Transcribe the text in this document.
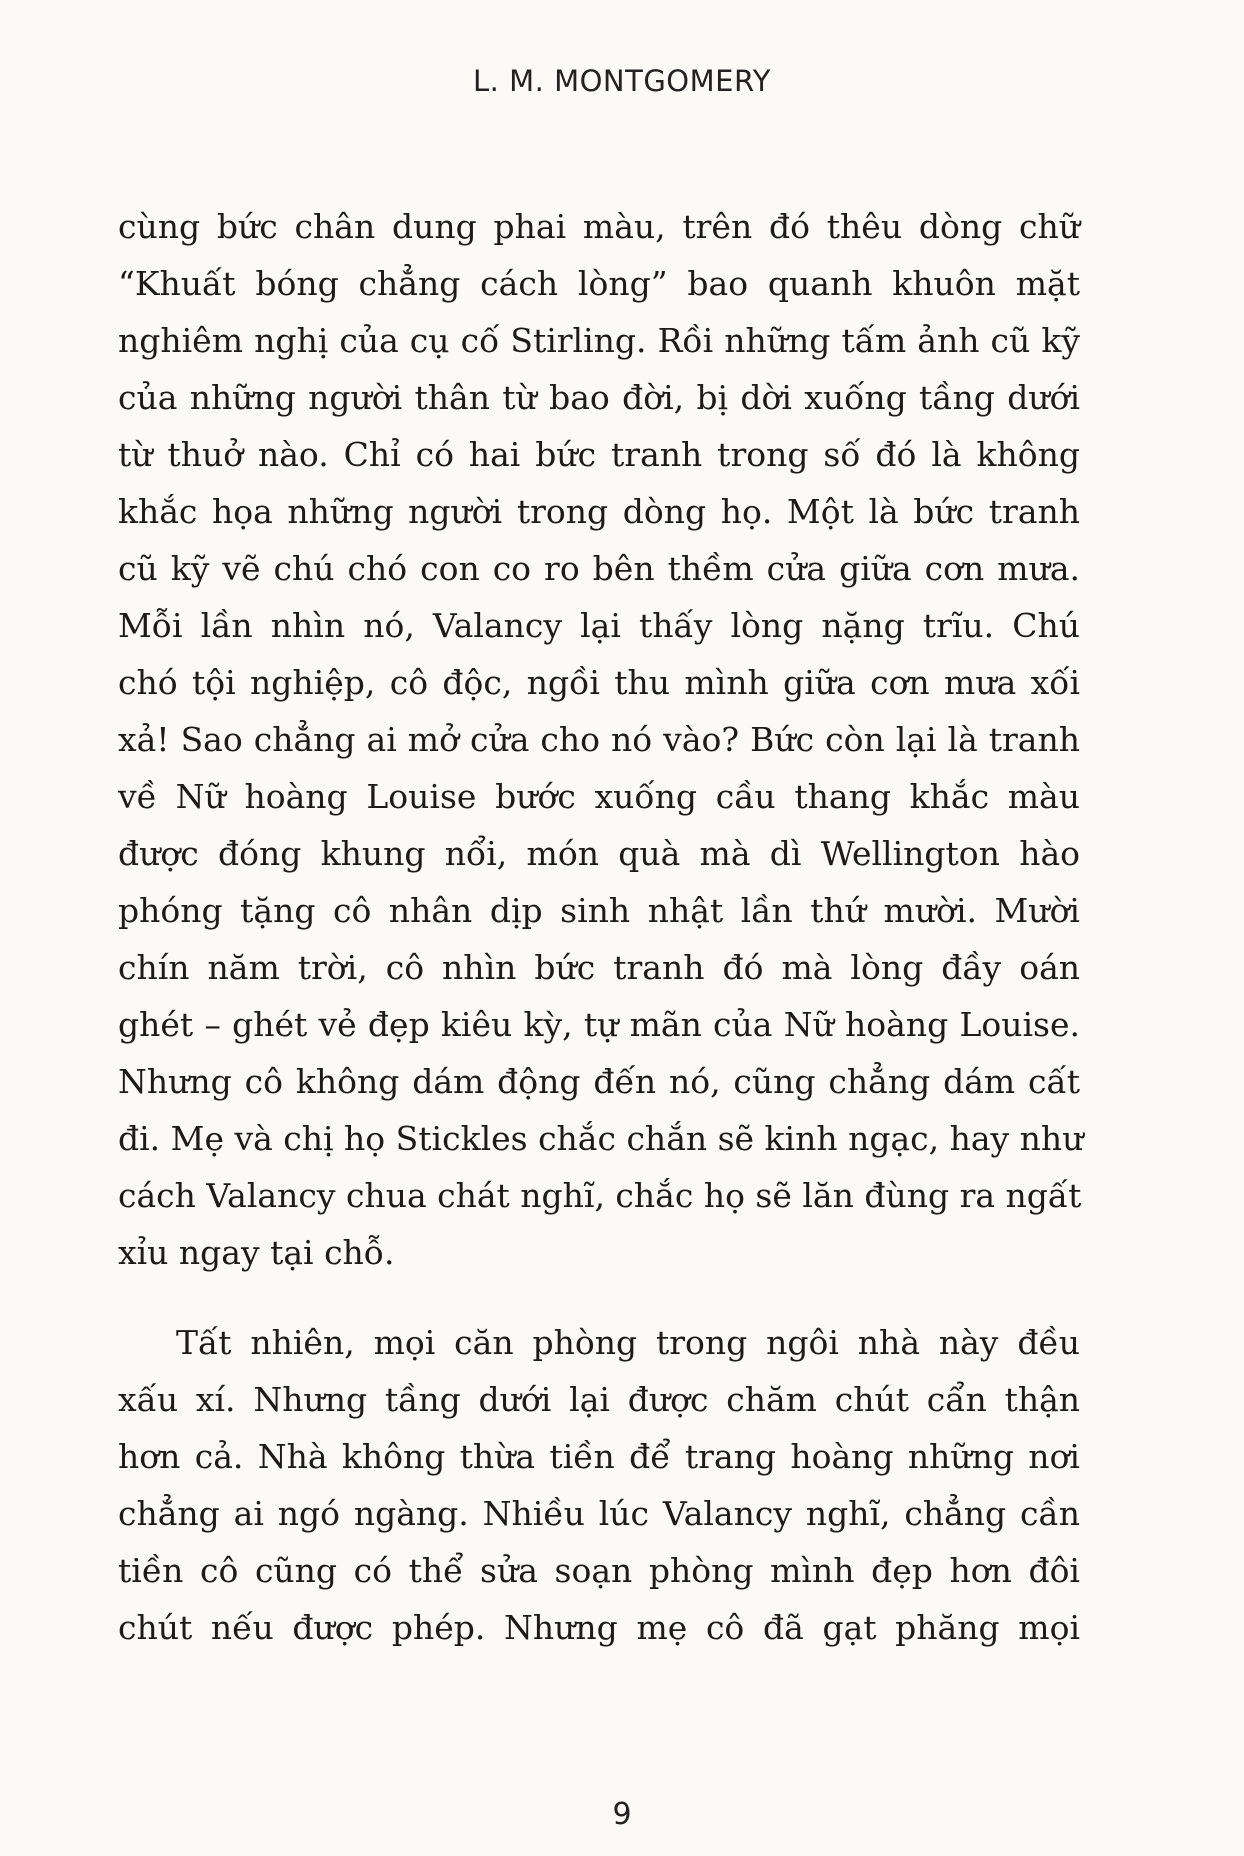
L. M. MONTGOMERY
cùng bức chân dung phai màu, trên đó thêu dòng chữ
“Khuất bóng chẳng cách lòng” bao quanh khuôn mặt
nghiêm nghị của cụ cố Stirling. Rồi những tấm ảnh cũ kỹ
của những người thân từ bao đời, bị dời xuống tầng dưới
từ thuở nào. Chỉ có hai bức tranh trong số đó là không
khắc họa những người trong dòng họ. Một là bức tranh
cũ kỹ vẽ chú chó con co ro bên thềm cửa giữa cơn mưa.
Mỗi lần nhìn nó, Valancy lại thấy lòng nặng trĩu. Chú
chó tội nghiệp, cô độc, ngồi thu mình giữa cơn mưa xối
xả! Sao chẳng ai mở cửa cho nó vào? Bức còn lại là tranh
về Nữ hoàng Louise bước xuống cầu thang khắc màu
được đóng khung nổi, món quà mà dì Wellington hào
phóng tặng cô nhân dịp sinh nhật lần thứ mười. Mười
chín năm trời, cô nhìn bức tranh đó mà lòng đầy oán
ghét – ghét vẻ đẹp kiêu kỳ, tự mãn của Nữ hoàng Louise.
Nhưng cô không dám động đến nó, cũng chẳng dám cất
đi. Mẹ và chị họ Stickles chắc chắn sẽ kinh ngạc, hay như
cách Valancy chua chát nghĩ, chắc họ sẽ lăn đùng ra ngất
xỉu ngay tại chỗ.
Tất nhiên, mọi căn phòng trong ngôi nhà này đều
xấu xí. Nhưng tầng dưới lại được chăm chút cẩn thận
hơn cả. Nhà không thừa tiền để trang hoàng những nơi
chẳng ai ngó ngàng. Nhiều lúc Valancy nghĩ, chẳng cần
tiền cô cũng có thể sửa soạn phòng mình đẹp hơn đôi
chút nếu được phép. Nhưng mẹ cô đã gạt phăng mọi
9
